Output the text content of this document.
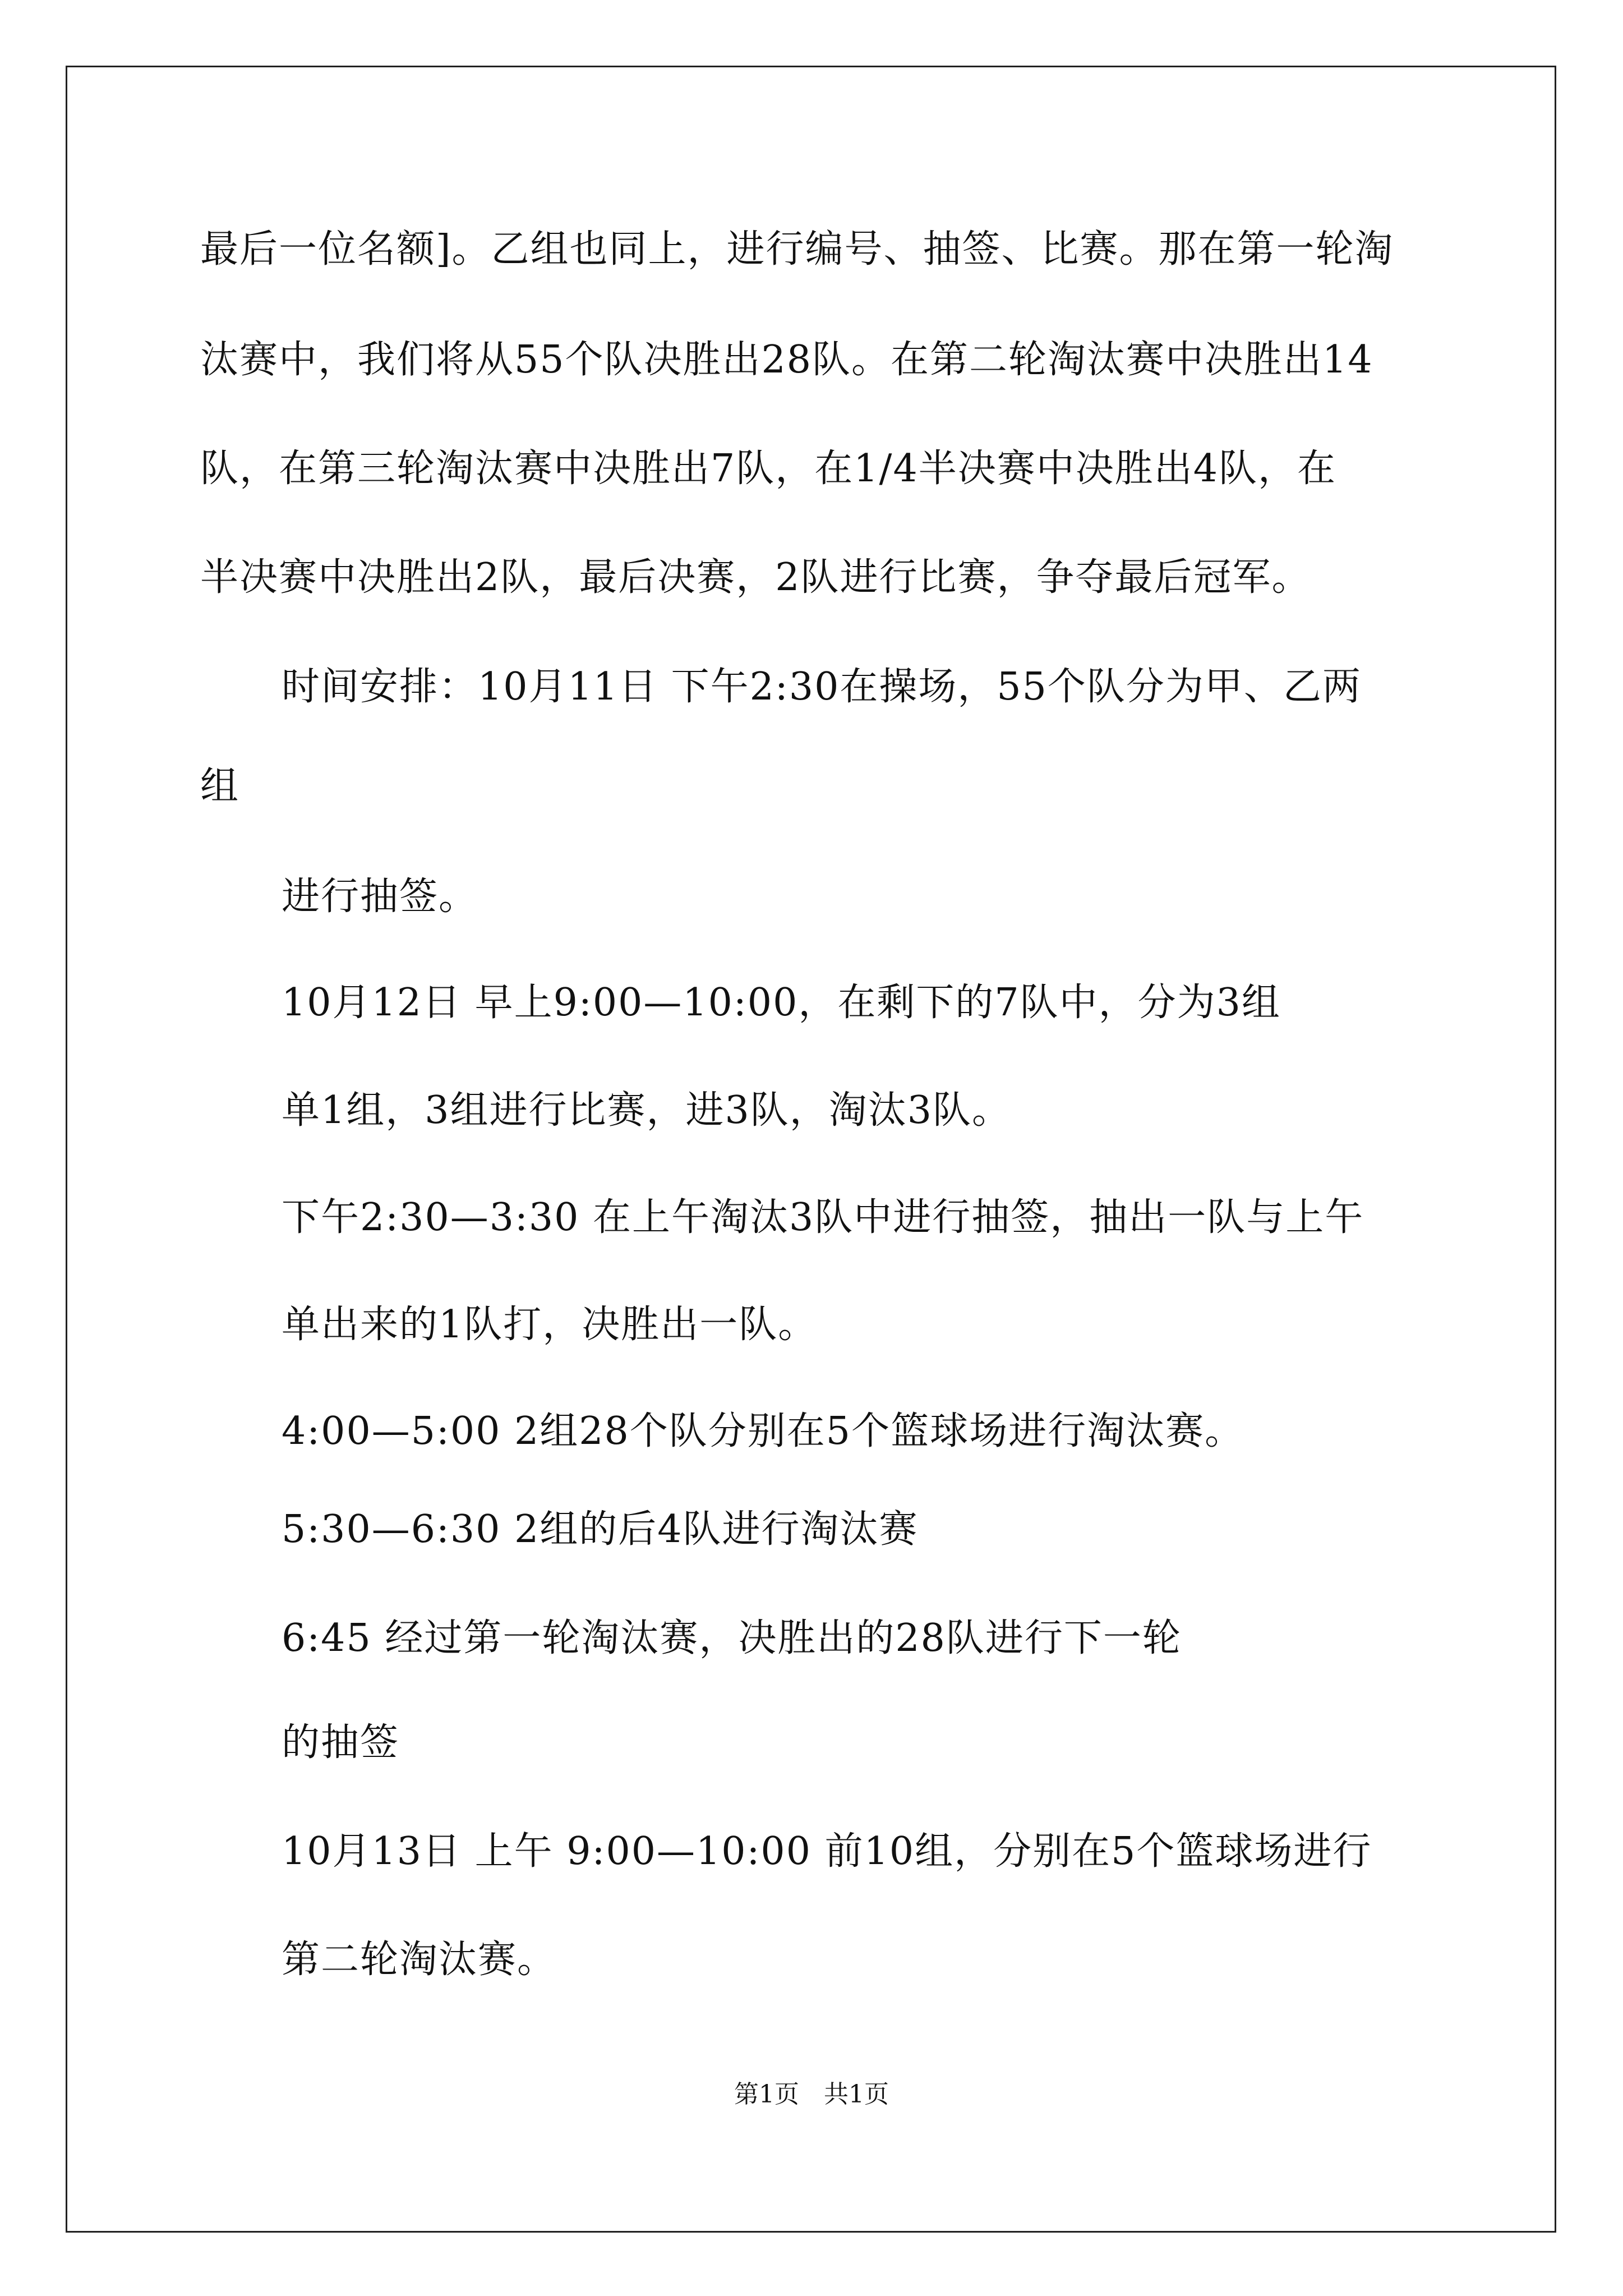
最后一位名额]。乙组也同上，进行编号、抽签、比赛。那在第一轮淘
汰赛中，我们将从55个队决胜出28队。在第二轮淘汰赛中决胜出14
队，在第三轮淘汰赛中决胜出7队，在1/4半决赛中决胜出4队，在
半决赛中决胜出2队，最后决赛，2队进行比赛，争夺最后冠军。
时间安排：10月11日 下午2:30在操场，55个队分为甲、乙两
组
进行抽签。
10月12日 早上9:00—10:00，在剩下的7队中，分为3组
单1组，3组进行比赛，进3队，淘汰3队。
下午2:30—3:30 在上午淘汰3队中进行抽签，抽出一队与上午
单出来的1队打，决胜出一队。
4:00—5:00 2组28个队分别在5个篮球场进行淘汰赛。
5:30—6:30 2组的后4队进行淘汰赛
6:45 经过第一轮淘汰赛，决胜出的28队进行下一轮
的抽签
10月13日 上午 9:00—10:00 前10组，分别在5个篮球场进行
第二轮淘汰赛。
第1页　共1页
